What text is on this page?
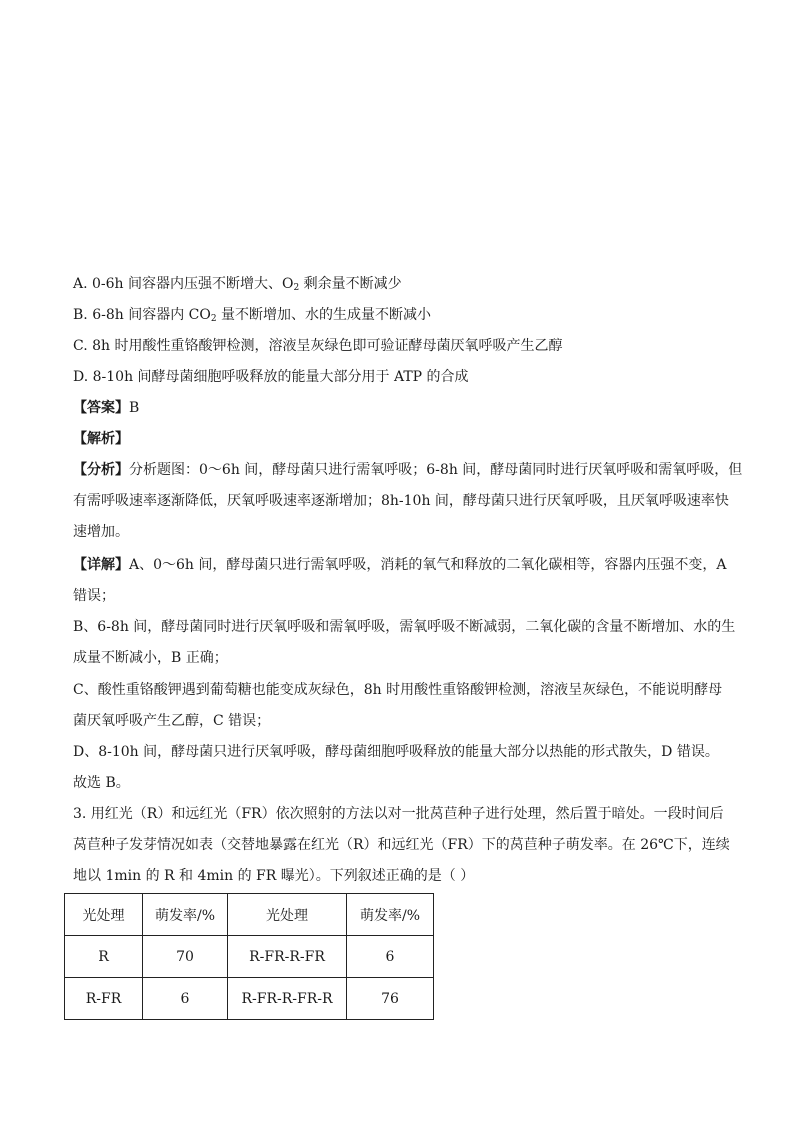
A. 0-6h 间容器内压强不断增大、$O_2$ 剩余量不断减少
B. 6-8h 间容器内 $CO_2$ 量不断增加、水的生成量不断减小
C. 8h 时用酸性重铬酸钾检测，溶液呈灰绿色即可验证酵母菌厌氧呼吸产生乙醇
D. 8-10h 间酵母菌细胞呼吸释放的能量大部分用于 ATP 的合成
【答案】B
【解析】
【分析】分析题图：0～6h 间，酵母菌只进行需氧呼吸；6-8h 间，酵母菌同时进行厌氧呼吸和需氧呼吸，但
有需呼吸速率逐渐降低，厌氧呼吸速率逐渐增加；8h-10h 间，酵母菌只进行厌氧呼吸，且厌氧呼吸速率快
速增加。
【详解】A、0～6h 间，酵母菌只进行需氧呼吸，消耗的氧气和释放的二氧化碳相等，容器内压强不变，A
错误；
B、6-8h 间，酵母菌同时进行厌氧呼吸和需氧呼吸，需氧呼吸不断减弱，二氧化碳的含量不断增加、水的生
成量不断减小，B 正确；
C、酸性重铬酸钾遇到葡萄糖也能变成灰绿色，8h 时用酸性重铬酸钾检测，溶液呈灰绿色，不能说明酵母
菌厌氧呼吸产生乙醇，C 错误；
D、8-10h 间，酵母菌只进行厌氧呼吸，酵母菌细胞呼吸释放的能量大部分以热能的形式散失，D 错误。
故选 B。
3. 用红光（R）和远红光（FR）依次照射的方法以对一批莴苣种子进行处理，然后置于暗处。一段时间后
莴苣种子发芽情况如表（交替地暴露在红光（R）和远红光（FR）下的莴苣种子萌发率。在 26℃下，连续
地以 1min 的 R 和 4min 的 FR 曝光）。下列叙述正确的是（ ）
光处理	萌发率/%	光处理	萌发率/%
R	70	R-FR-R-FR	6
R-FR	6	R-FR-R-FR-R	76
